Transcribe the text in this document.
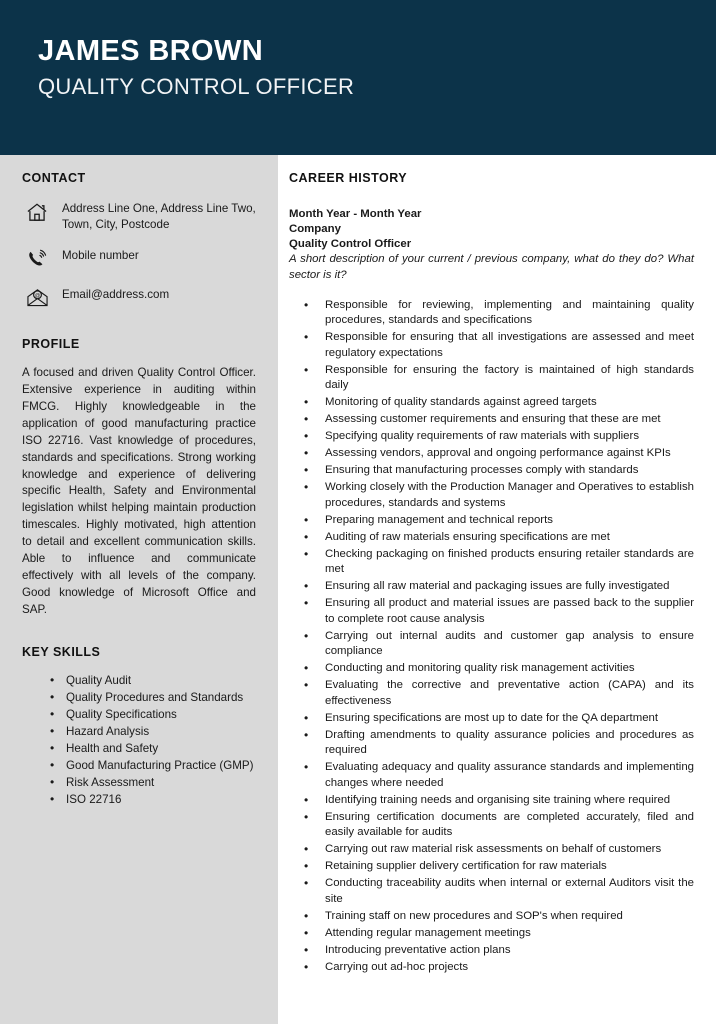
JAMES BROWN
QUALITY CONTROL OFFICER
CONTACT
Address Line One, Address Line Two, Town, City, Postcode
Mobile number
@	Email@address.com
PROFILE

A focused and driven Quality Control Officer. Extensive experience in auditing within FMCG. Highly knowledgeable in the application of good manufacturing practice ISO 22716. Vast knowledge of procedures, standards and specifications. Strong working knowledge and experience of delivering specific Health, Safety and Environmental legislation whilst helping maintain production timescales. Highly motivated, high attention to detail and excellent communication skills. Able to influence and communicate effectively with all levels of the company. Good knowledge of Microsoft Office and SAP.

KEY SKILLS
• Quality Audit
• Quality Procedures and Standards
• Quality Specifications
• Hazard Analysis
• Health and Safety
• Good Manufacturing Practice (GMP)
• Risk Assessment
• ISO 22716
CAREER HISTORY

Month Year - Month Year

Company

Quality Control Officer

A short description of your current / previous company, what do they do? What sector is it?

• Responsible for reviewing, implementing and maintaining quality procedures, standards and specifications
• Responsible for ensuring that all investigations are assessed and meet regulatory expectations
• Responsible for ensuring the factory is maintained of high standards daily
• Monitoring of quality standards against agreed targets
• Assessing customer requirements and ensuring that these are met
• Specifying quality requirements of raw materials with suppliers
• Assessing vendors, approval and ongoing performance against KPIs
• Ensuring that manufacturing processes comply with standards
• Working closely with the Production Manager and Operatives to establish procedures, standards and systems
• Preparing management and technical reports
• Auditing of raw materials ensuring specifications are met
• Checking packaging on finished products ensuring retailer standards are met
• Ensuring all raw material and packaging issues are fully investigated
• Ensuring all product and material issues are passed back to the supplier to complete root cause analysis
• Carrying out internal audits and customer gap analysis to ensure compliance
• Conducting and monitoring quality risk management activities
• Evaluating the corrective and preventative action (CAPA) and its effectiveness
• Ensuring specifications are most up to date for the QA department
• Drafting amendments to quality assurance policies and procedures as required
• Evaluating adequacy and quality assurance standards and implementing changes where needed
• Identifying training needs and organising site training where required
• Ensuring certification documents are completed accurately, filed and easily available for audits
• Carrying out raw material risk assessments on behalf of customers
• Retaining supplier delivery certification for raw materials
• Conducting traceability audits when internal or external Auditors visit the site
• Training staff on new procedures and SOP's when required
• Attending regular management meetings
• Introducing preventative action plans
• Carrying out ad-hoc projects
